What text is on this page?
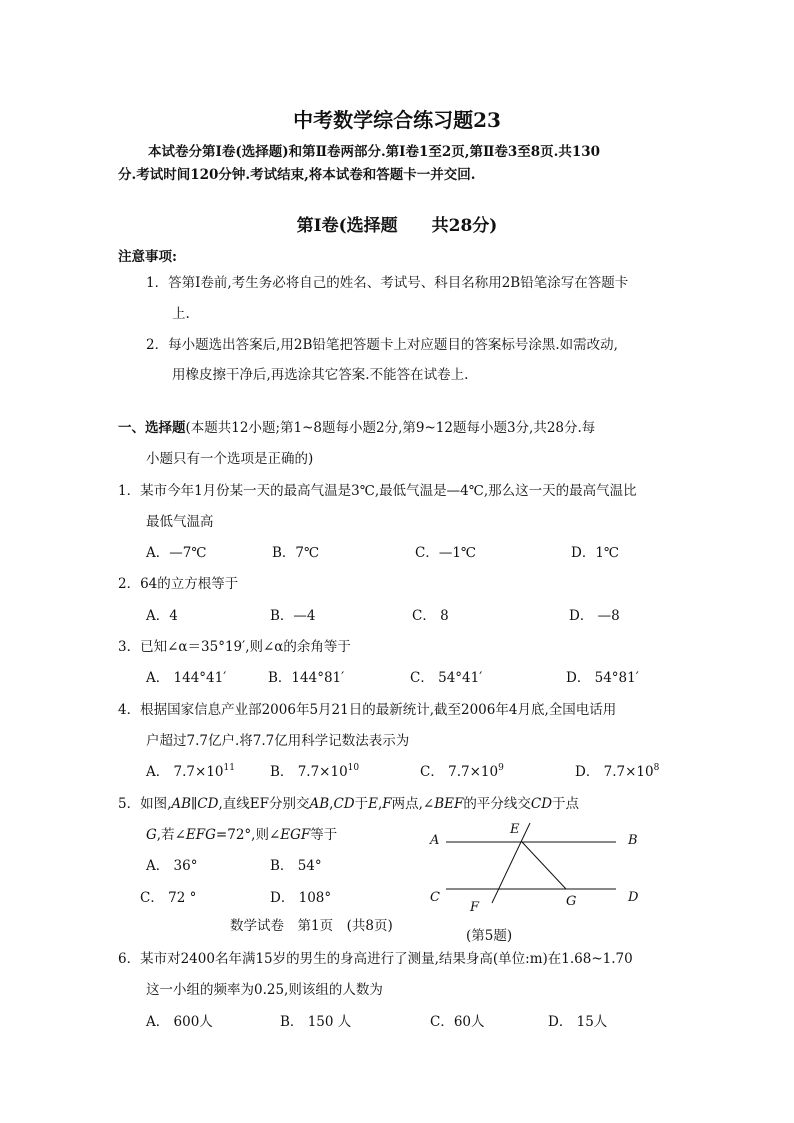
中考数学综合练习题23
本试卷分第Ⅰ卷(选择题)和第Ⅱ卷两部分.第Ⅰ卷1至2页,第Ⅱ卷3至8页.共130
分.考试时间120分钟.考试结束,将本试卷和答题卡一并交回.
第Ⅰ卷(选择题　　共28分)
注意事项:
1．答第Ⅰ卷前,考生务必将自己的姓名、考试号、科目名称用2B铅笔涂写在答题卡
上.
2．每小题选出答案后,用2B铅笔把答题卡上对应题目的答案标号涂黑.如需改动,
用橡皮擦干净后,再选涂其它答案.不能答在试卷上.
一、选择题(本题共12小题;第1~8题每小题2分,第9~12题每小题3分,共28分.每
小题只有一个选项是正确的)
1．某市今年1月份某一天的最高气温是3℃,最低气温是—4℃,那么这一天的最高气温比
最低气温高
A．—7℃	B．7℃	C．—1℃	D．1℃
2．64的立方根等于
A．4	B．—4	C． 8	D． —8
3．已知∠α＝35°19′,则∠α的余角等于
A． 144°41′	B．144°81′	C． 54°41′	D． 54°81′
4．根据国家信息产业部2006年5月21日的最新统计,截至2006年4月底,全国电话用
户超过7.7亿户.将7.7亿用科学记数法表示为
A． $7.7\times 10^{11}$	B． $7.7\times 10^{10}$	C． $7.7\times 10^9$	D． $7.7\times 10^8$
5．如图,AB∥CD,直线EF分别交AB,CD于E,F两点,∠BEF的平分线交CD于点
G,若∠EFG=72°,则∠EGF等于
A． 36°	B． 54°
C． 72 °	D． 108°
A	B
C	D
E
F	G
(第5题)
数学试卷　第1页　(共8页)
6．某市对2400名年满15岁的男生的身高进行了测量,结果身高(单位:m)在1.68~1.70
这一小组的频率为0.25,则该组的人数为
A． 600人	B． 150 人	C．60人	D． 15人
